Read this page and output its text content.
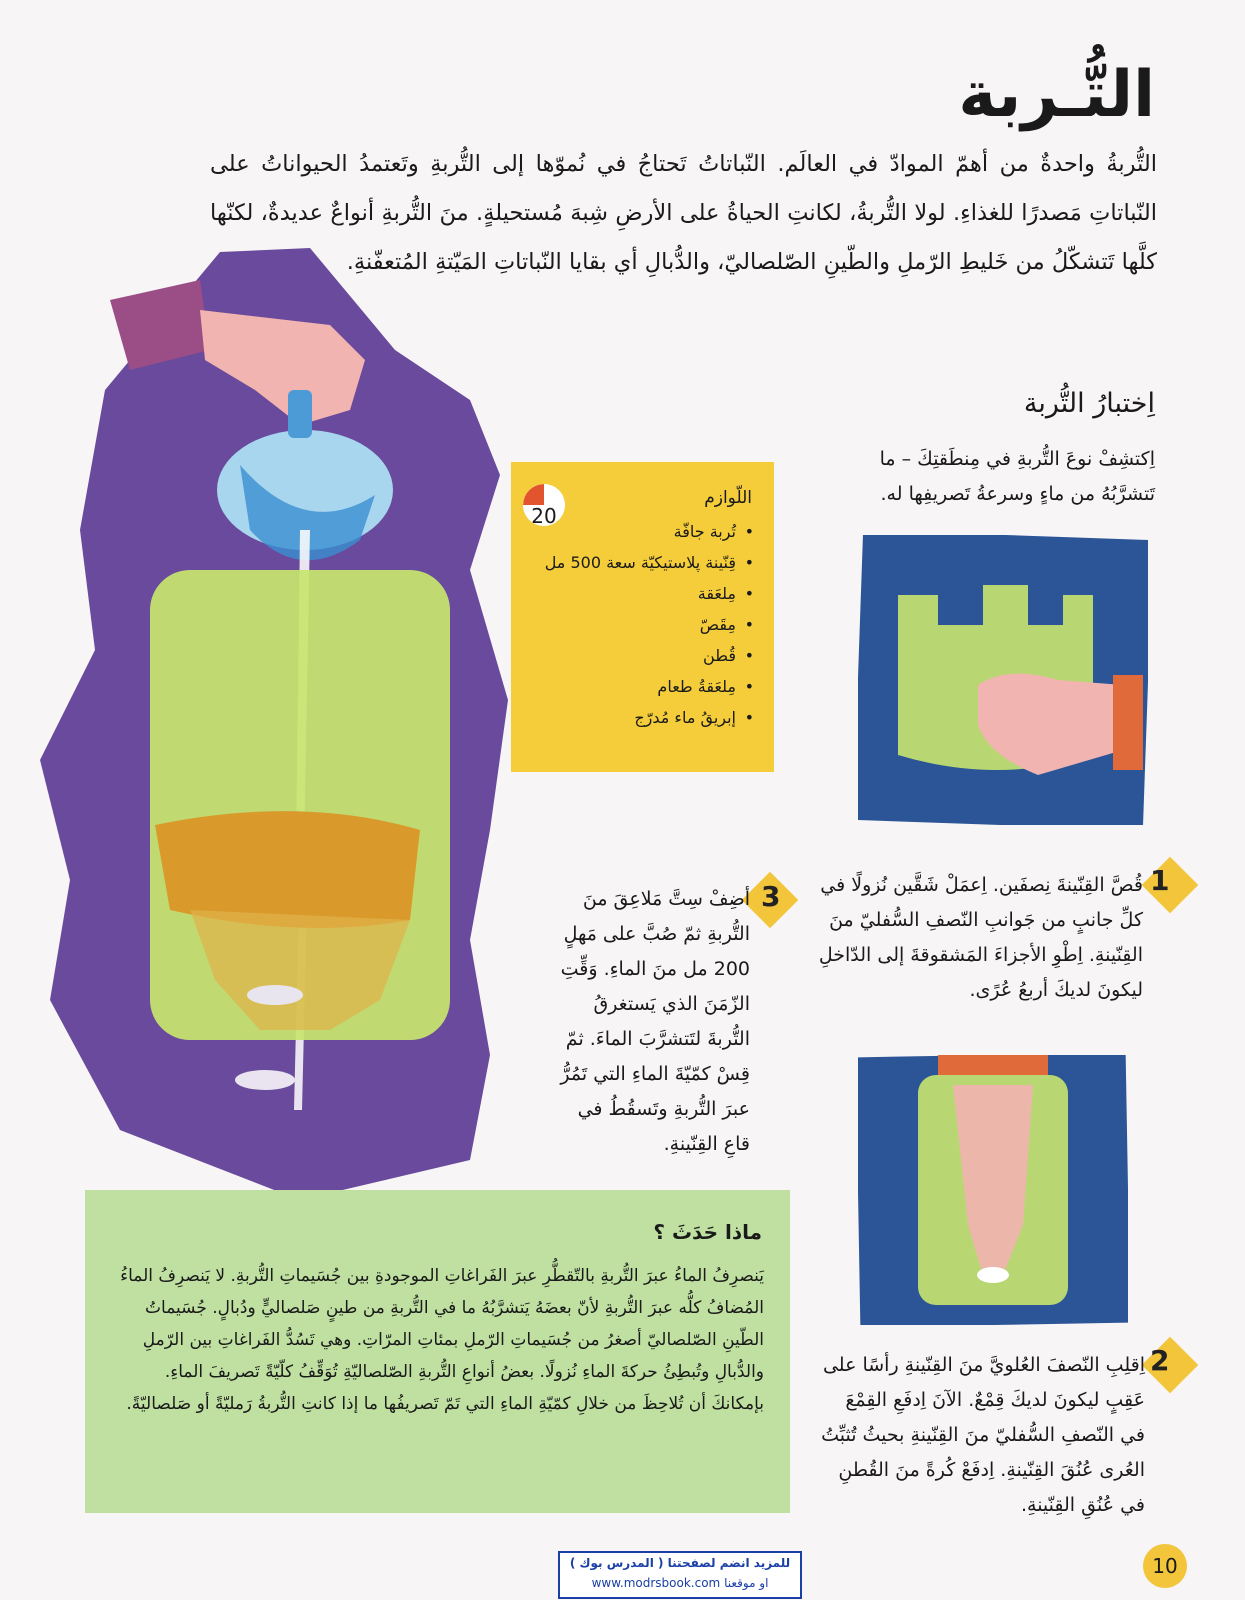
التُّـربة
التُّربةُ واحدةٌ من أهمّ الموادّ في العالَم. النّباتاتُ تَحتاجُ في نُموّها إلى التُّربةِ وتَعتمدُ الحيواناتُ على النّباتاتِ مَصدرًا للغذاءِ. لولا التُّربةُ، لكانتِ الحياةُ على الأرضِ شِبهَ مُستحيلةٍ. منَ التُّربةِ أنواعٌ عديدةٌ، لكنّها كلَّها تَتشكّلُ من خَليطِ الرّملِ والطّينِ الصّلصاليّ، والدُّبالِ أي بقايا النّباتاتِ المَيّتةِ المُتعفّنةِ.
اِختبارُ التُّربة
اِكتشِفْ نوعَ التُّربةِ في مِنطَقتِكَ – ما تَتشرَّبُهُ من ماءٍ وسرعةُ تَصريفِها له.
20
اللّوازم
• تُربة جافّة
• قِنّينة پلاستيكيّة سعة 500 مل
• مِلعَقة
• مِقَصّ
• قُطن
• مِلعَقةُ طعام
• إبريقُ ماء مُدرّج
1
قُصَّ القِنّينةَ نِصفَين. اِعمَلْ شَقَّين نُزولًا في كلِّ جانبٍ من جَوانبِ النّصفِ السُّفليّ منَ القِنّينةِ. اِطْوِ الأجزاءَ المَشقوقةَ إلى الدّاخلِ ليكونَ لديكَ أربعُ عُرًى.
3
أضِفْ سِتَّ مَلاعِقَ منَ التُّربةِ ثمّ صُبَّ على مَهلٍ 200 مل منَ الماءِ. وَقِّتِ الزّمَنَ الذي يَستغرقُ التُّربةَ لتَتشرَّبَ الماءَ. ثمّ قِسْ كمّيّةَ الماءِ التي تَمُرُّ عبرَ التُّربةِ وتَسقُطُ في قاعِ القِنّينةِ.
2
اِقلِبِ النّصفَ العُلويَّ منَ القِنّينةِ رأسًا على عَقِبٍ ليكونَ لديكَ قِمْعٌ. الآنَ اِدفَعِ القِمْعَ في النّصفِ السُّفليّ منَ القِنّينةِ بحيثُ تُثبِّتُ العُرى عُنُقَ القِنّينةِ. اِدفَعْ كُرةً منَ القُطنِ في عُنُقِ القِنّينةِ.
ماذا حَدَثَ ؟
يَنصرِفُ الماءُ عبرَ التُّربةِ بالتّقطُّرِ عبرَ الفَراغاتِ الموجودةِ بين جُسَيماتِ التُّربةِ. لا يَنصرِفُ الماءُ المُضافُ كلُّه عبرَ التُّربةِ لأنّ بعضَهُ يَتشرَّبُهُ ما في التُّربةِ من طينٍ صَلصاليٍّ ودُبالٍ. جُسَيماتُ الطّينِ الصّلصاليّ أصغرُ من جُسَيماتِ الرّملِ بمئاتِ المرّاتِ. وهي تَسُدُّ الفَراغاتِ بين الرّملِ والدُّبالِ وتُبطِئُ حركةَ الماءِ نُزولًا. بعضُ أنواعِ التُّربةِ الصّلصاليّةِ تُوَقِّفُ كلّيّةً تَصريفَ الماءِ. بإمكانكَ أن تُلاحِظَ من خلالِ كمّيّةِ الماءِ التي تَمّ تَصريفُها ما إذا كانتِ التُّربةُ رَمليّةً أو صَلصاليّةً.
للمزيد انضم لصفحتنا ( المدرس بوك )
www.modrsbook.com او موقعنا
10
